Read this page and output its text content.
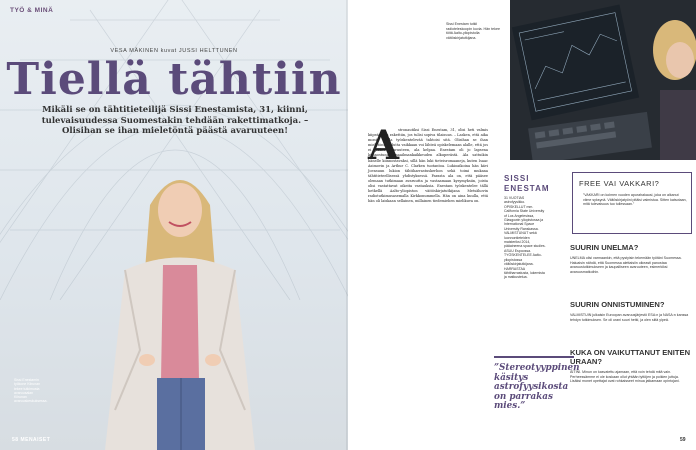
TYÖ & MINÄ
VESA MÄKINEN kuvat JUSSI HELTTUNEN
Tiellä tähtiin
Mikäli se on tähtitieteilijä Sissi Enestamista, 31, kiinni, tulevaisuudessa Suomestakin tehdään rakettimatkoja. – Olisihan se ihan mieletöntä päästä avaruuteen!
Sissi Enestamin työkone Kiirunan tekee tutkimusta avaruusalan Kiirunan avaruuskeskuksessa.
58 MENAISET
Sissi Enestam tutkii radioteleskoopin kuvia. Hän tekee töitä Aalto-yliopistolla väitöskirjatutkijana.
A
stronautiksi Sissi Enestam, 31, olisi heti valmis kiipeämään rakettiin, jos tulisi sopiva tilaisuus. – Lasken, että aika monta alalla työskentelevää tahtoisi sitä. Olisihan se ihan mieletöntä! Mutta vaikkaan voi lähteä opiskelemaan alalle, että jos ei pääse avaruuteen, ala kelpaa. Enestam oli jo lapsena kiinnostunut maailmankaikkeuden alkuperästä. Ala sattuikin hänelle kiinnostavaksi, sillä hän luki tieteisromaaneja, kuten Isaac Asimovin ja Arthur C. Clarken tuotantoa. Lukioaikoina hän kävi Joensuun lukion tähtiharrastuskerhon sekä toimi mukana tähtitieteellisessä yhdistyksessä. Parasta ala on, että pääsee olemaan tutkimaan avaruutta ja vastaamaan kysymyksiin, joista olisi vastattavat oikeita vastauksia. Enestam työskentelee tällä hetkellä Aalto-yliopiston väitöskirjatutkijana Metsähovin radiotutkimusasemalla Kirkkonummella. Hän on aina kuulla, että hän oli laiskaan sellainen, millainen tiedemiehen mielikuva on.
SISSI ENESTAM
31 VUOTIAS astrofyysikko. OPISKELLUT mm. California State University of Los Angelesissa, Glasgowin yliopistossa ja International Space University Ranskassa. VALMISTUNUT sekä luonnontieteiden maisteriksi 2014, pääaineena space studies. ASUU Espoossa. TYÖSKENTELEE Aalto-yliopistossa väitöskirjatutkijana. HARRASTAA tähtiharrastusta, lukemista ja matkustelua.
”Stereotyyppinen käsitys astrofyysikosta on parrakas mies.”
FREE VAI VAKKARI?
”VAKKARI on kolmen vuoden apurahakausi, joka on alkanut viime syksynä. Väitöskirjatyöni pitäisi valmistua. Sitten katsotaan, mitä tulevaisuus tuo tullessaan.”
SUURIN UNELMA?
UNELMA olisi varmaankin, että pystyisin tekemään työtäni Suomessa. Haluaisin nähdä, että Suomessa alettaisiin oikeasti panostaa avaruustutkimukseen ja kaupalliseen avaruuteen, esimerkiksi avaruusmatkoihin.
SUURIN ONNISTUMINEN?
VALMISTUIN julkaisin Euroopan avaruusjärjestö ESA:n ja NASA:n kanssa tehdyn tutkimuksen. Se oli urani suuri hetki, ja olen siitä ylpeä.
KUKA ON VAIKUTTANUT ENITEN URAAN?
ÄITINI. Minun on kasvatettu ajamaan, että voin tehdä mitä vain. Perheessämme ei ole koskaan ollut yhtään tyttöjen ja poikien juttuja. Lisäksi monet opettajat ovat rohkaisseet minua jatkamaan opintojani.
59
